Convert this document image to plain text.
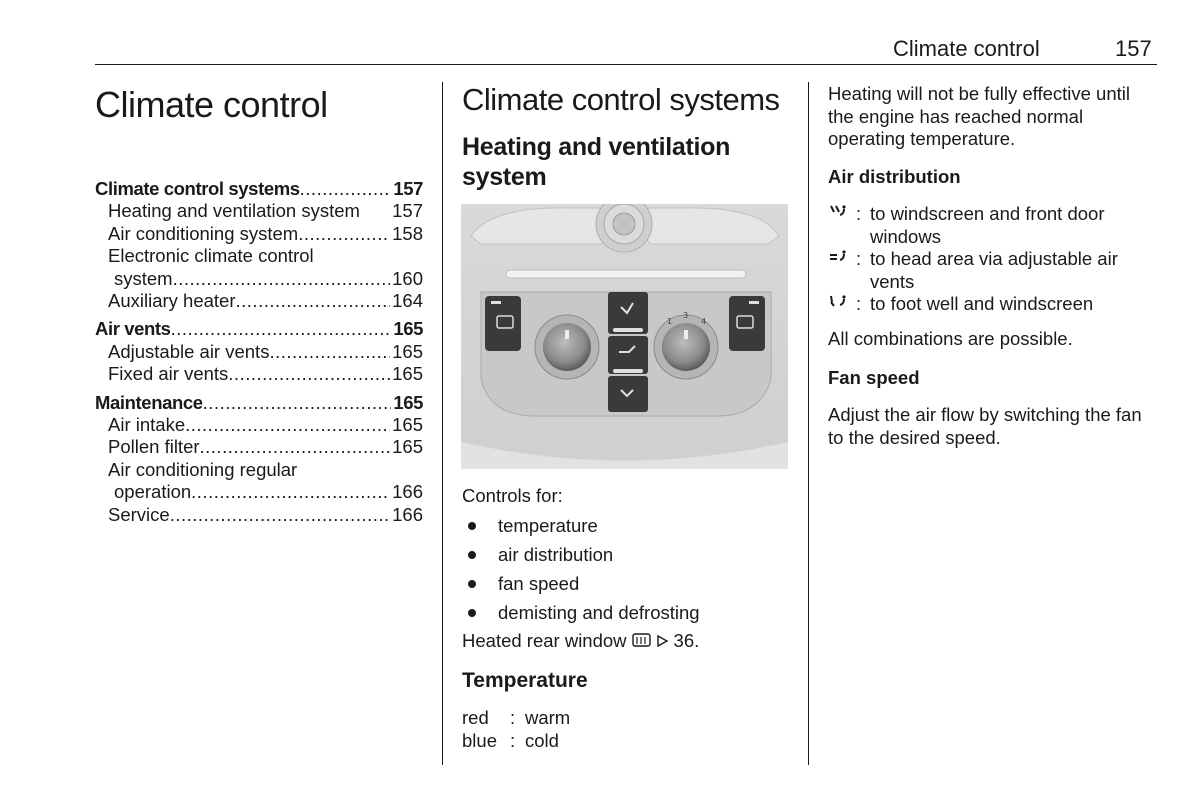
Climate control	157
Climate control
Climate control systems .....	157
Heating and ventilation system 157
Air conditioning system .....	158
Electronic climate control
system .....	160
Auxiliary heater .....	164
Air vents .....	165
Adjustable air vents .....	165
Fixed air vents .....	165
Maintenance .....	165
Air intake .....	165
Pollen filter .....	165
Air conditioning regular
operation .....	166
Service .....	166
Climate control systems
Heating and ventilation system
1
3
4
Controls for:
temperature
air distribution
fan speed
demisting and defrosting
Heated rear window	36.
Temperature
red	: warm
blue : cold
Heating will not be fully effective until the engine has reached normal operating temperature.
Air distribution
: to windscreen and front door windows
: to head area via adjustable air vents
: to foot well and windscreen
All combinations are possible.
Fan speed
Adjust the air flow by switching the fan to the desired speed.
